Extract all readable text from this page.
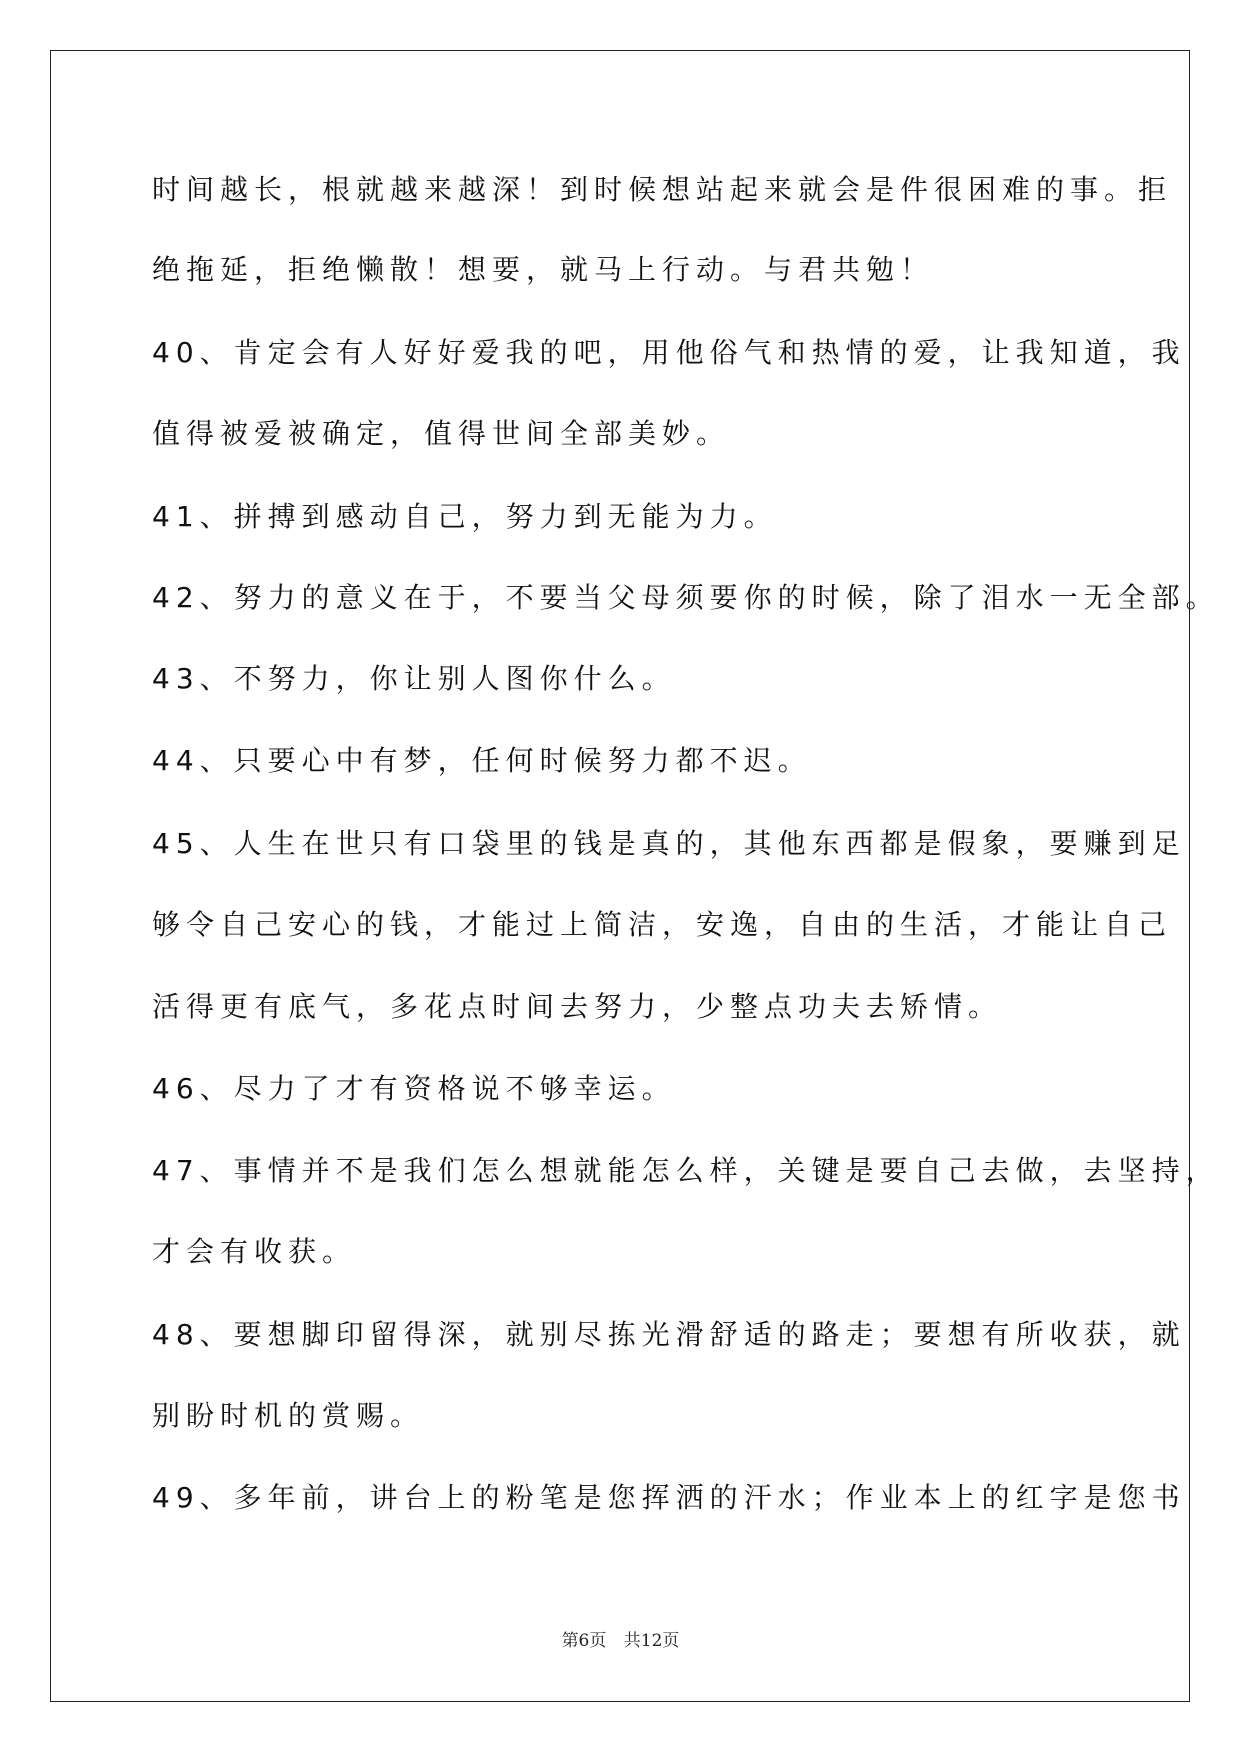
时间越长，根就越来越深！到时候想站起来就会是件很困难的事。拒
绝拖延，拒绝懒散！想要，就马上行动。与君共勉！
40、肯定会有人好好爱我的吧，用他俗气和热情的爱，让我知道，我
值得被爱被确定，值得世间全部美妙。
41、拼搏到感动自己，努力到无能为力。
42、努力的意义在于，不要当父母须要你的时候，除了泪水一无全部。
43、不努力，你让别人图你什么。
44、只要心中有梦，任何时候努力都不迟。
45、人生在世只有口袋里的钱是真的，其他东西都是假象，要赚到足
够令自己安心的钱，才能过上简洁，安逸，自由的生活，才能让自己
活得更有底气，多花点时间去努力，少整点功夫去矫情。
46、尽力了才有资格说不够幸运。
47、事情并不是我们怎么想就能怎么样，关键是要自己去做，去坚持，
才会有收获。
48、要想脚印留得深，就别尽拣光滑舒适的路走；要想有所收获，就
别盼时机的赏赐。
49、多年前，讲台上的粉笔是您挥洒的汗水；作业本上的红字是您书
第6页 共12页
